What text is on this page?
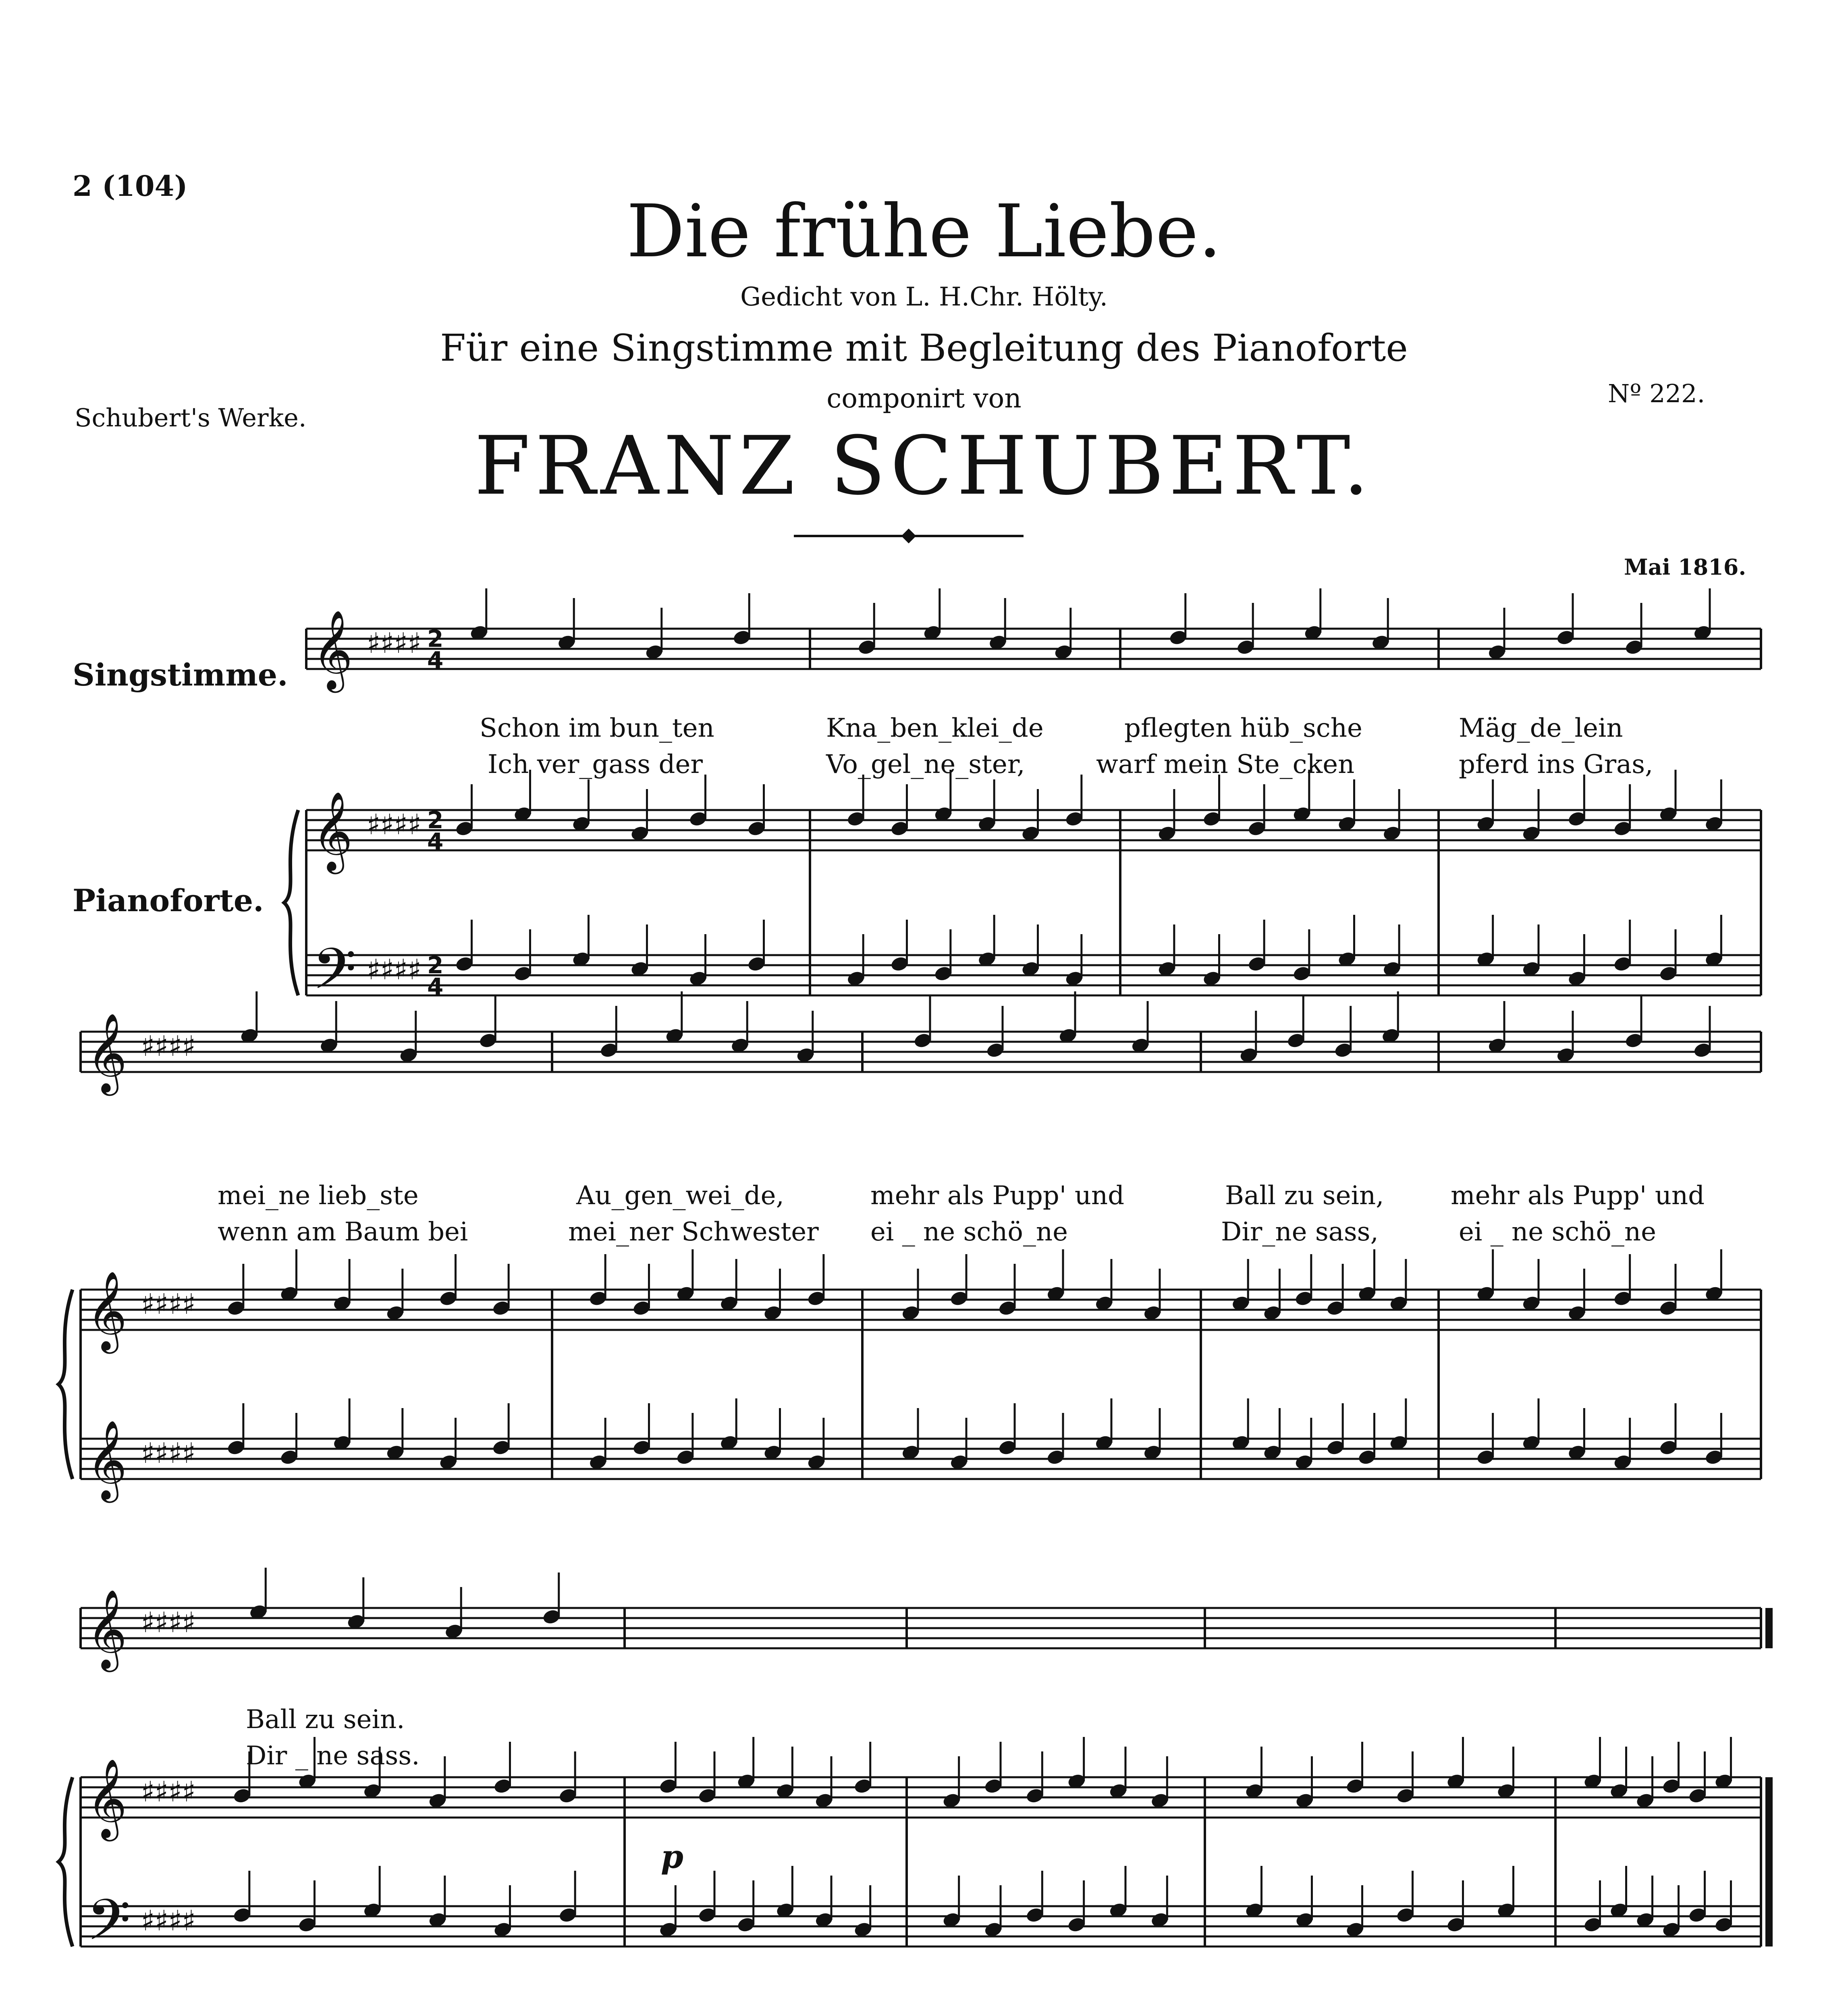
2 (104)
Die frühe Liebe.
Gedicht von L. H.Chr. Hölty.
Für eine Singstimme mit Begleitung des Pianoforte
componirt von
FRANZ SCHUBERT.
Schubert's Werke.
Nº 222.
Mai 1816.
𝄞 ♯♯♯♯
𝄞 ♯♯♯♯
𝄢 ♯♯♯♯
𝄞 ♯♯♯♯
𝄞 ♯♯♯♯
𝄞 ♯♯♯♯
𝄞 ♯♯♯♯
𝄞 ♯♯♯♯
𝄢 ♯♯♯♯
2
4
2
4
2
4
Singstimme.
Pianoforte.
Schon im bun_ten	Kna_ben_klei_de	pflegten hüb_sche	Mäg_de_lein
Ich ver_gass der	Vo_gel_ne_ster,	warf mein Ste_cken	pferd ins Gras,
mei_ne lieb_ste	Au_gen_wei_de,	mehr als Pupp' und	Ball zu sein,	mehr als Pupp' und
wenn am Baum bei	mei_ner Schwester ei _ ne schö_ne	Dir_ne sass,	ei _ ne schö_ne
Ball zu sein.
Dir _ ne sass.
p
